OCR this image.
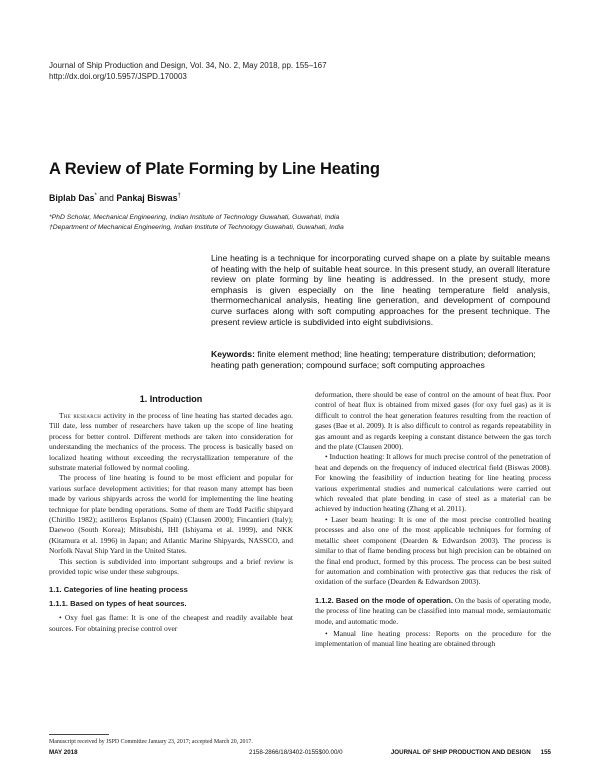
Journal of Ship Production and Design, Vol. 34, No. 2, May 2018, pp. 155–167
http://dx.doi.org/10.5957/JSPD.170003
A Review of Plate Forming by Line Heating
Biplab Das* and Pankaj Biswas†
*PhD Scholar, Mechanical Engineering, Indian Institute of Technology Guwahati, Guwahati, India
†Department of Mechanical Engineering, Indian Institute of Technology Guwahati, Guwahati, India
Line heating is a technique for incorporating curved shape on a plate by suitable means of heating with the help of suitable heat source. In this present study, an overall literature review on plate forming by line heating is addressed. In the present study, more emphasis is given especially on the line heating temperature field analysis, thermomechanical analysis, heating line generation, and development of compound curve surfaces along with soft computing approaches for the present technique. The present review article is subdivided into eight subdivisions.
Keywords: finite element method; line heating; temperature distribution; deformation; heating path generation; compound surface; soft computing approaches
1. Introduction

The research activity in the process of line heating has started decades ago. Till date, less number of researchers have taken up the scope of line heating process for better control. Different methods are taken into consideration for understanding the mechanics of the process. The process is basically based on localized heating without exceeding the recrystallization temperature of the substrate material followed by normal cooling.

The process of line heating is found to be most efficient and popular for various surface development activities; for that reason many attempt has been made by various shipyards across the world for implementing the line heating technique for plate bending operations. Some of them are Todd Pacific shipyard (Chirillo 1982); astilleros Esplanos (Spain) (Clausen 2000); Fincantieri (Italy); Daewoo (South Korea); Mitsubishi, IHI (Ishiyama et al. 1999), and NKK (Kitamura et al. 1996) in Japan; and Atlantic Marine Shipyards, NASSCO, and Norfolk Naval Ship Yard in the United States.

This section is subdivided into important subgroups and a brief review is provided topic wise under these subgroups.

1.1. Categories of line heating process
1.1.1. Based on types of heat sources.

• Oxy fuel gas flame: It is one of the cheapest and readily available heat sources. For obtaining precise control over

deformation, there should be ease of control on the amount of heat flux. Poor control of heat flux is obtained from mixed gases (for oxy fuel gas) as it is difficult to control the heat generation features resulting from the reaction of gases (Bae et al. 2009). It is also difficult to control as regards repeatability in gas amount and as regards keeping a constant distance between the gas torch and the plate (Clausen 2000).

• Induction heating: It allows for much precise control of the penetration of heat and depends on the frequency of induced electrical field (Biswas 2008). For knowing the feasibility of induction heating for line heating process various experimental studies and numerical calculations were carried out which revealed that plate bending in case of steel as a material can be achieved by induction heating (Zhang et al. 2011).

• Laser beam heating: It is one of the most precise controlled heating processes and also one of the most applicable techniques for forming of metallic sheet component (Dearden & Edwardson 2003). The process is similar to that of flame bending process but high precision can be obtained on the final end product, formed by this process. The process can be best suited for automation and combination with protective gas that reduces the risk of oxidation of the surface (Dearden & Edwardson 2003).

1.1.2. Based on the mode of operation. On the basis of operating mode, the process of line heating can be classified into manual mode, semiautomatic mode, and automatic mode.

• Manual line heating process: Reports on the procedure for the implementation of manual line heating are obtained through

Manuscript received by JSPD Committee January 23, 2017; accepted March 20, 2017.
MAY 2018	2158-2866/18/3402-0155$00.00/0	JOURNAL OF SHIP PRODUCTION AND DESIGN 155
